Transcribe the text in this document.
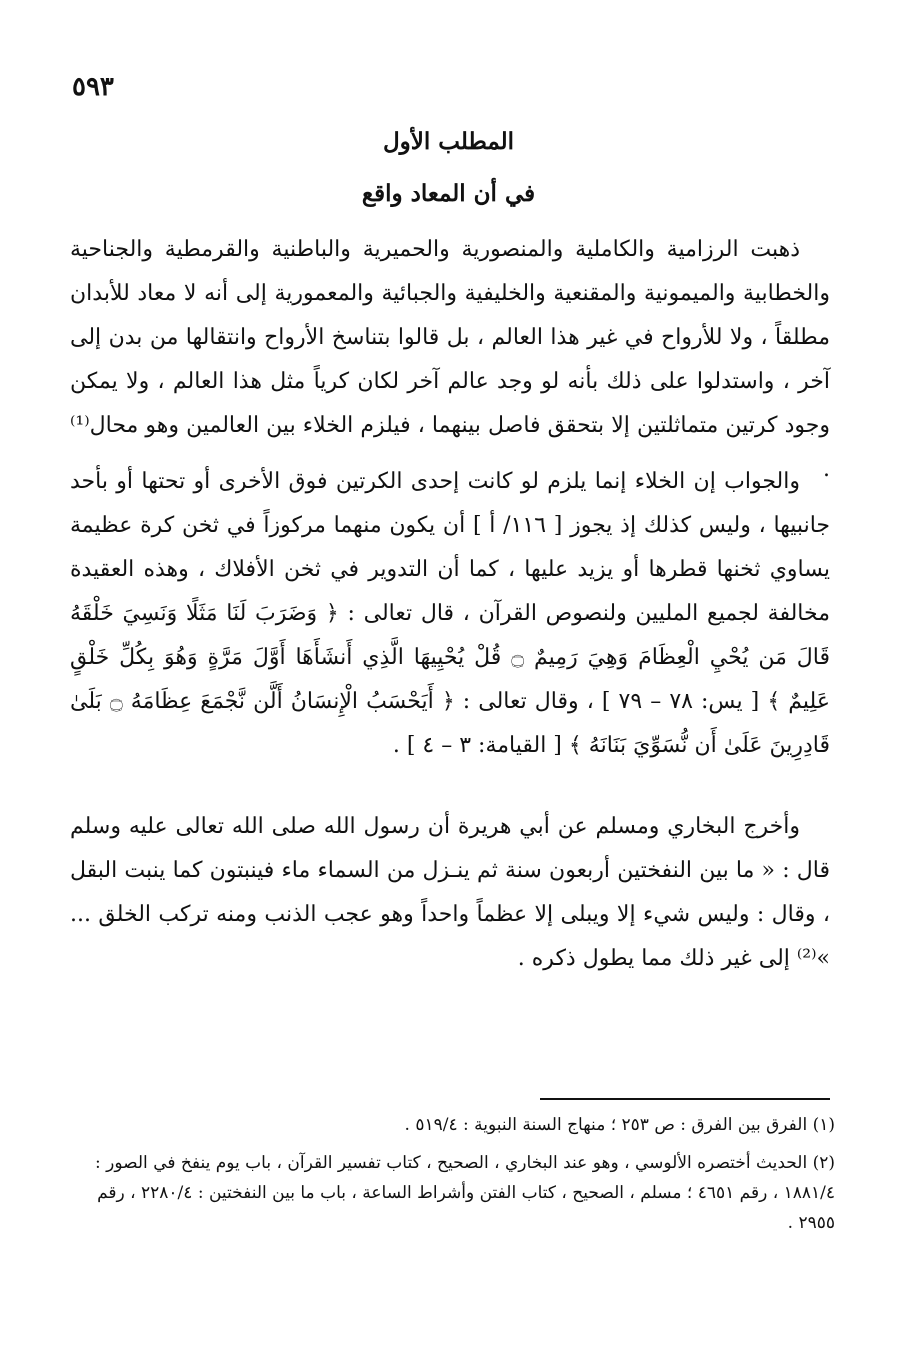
٥٩٣
المطلب الأول
في أن المعاد واقع

ذهبت الرزامية والكاملية والمنصورية والحميرية والباطنية والقرمطية والجناحية والخطابية والميمونية والمقنعية والخليفية والجبائية والمعمورية إلى أنه لا معاد للأبدان مطلقاً ، ولا للأرواح في غير هذا العالم ، بل قالوا بتناسخ الأرواح وانتقالها من بدن إلى آخر ، واستدلوا على ذلك بأنه لو وجد عالم آخر لكان كرياً مثل هذا العالم ، ولا يمكن وجود كرتين متماثلتين إلا بتحقق فاصل بينهما ، فيلزم الخلاء بين العالمين وهو محال⁽¹⁾ .

والجواب إن الخلاء إنما يلزم لو كانت إحدى الكرتين فوق الأخرى أو تحتها أو بأحد جانبيها ، وليس كذلك إذ يجوز [ ١١٦/ أ ] أن يكون منهما مركوزاً في ثخن كرة عظيمة يساوي ثخنها قطرها أو يزيد عليها ، كما أن التدوير في ثخن الأفلاك ، وهذه العقيدة مخالفة لجميع المليين ولنصوص القرآن ، قال تعالى : ﴿ وَضَرَبَ لَنَا مَثَلًا وَنَسِيَ خَلْقَهُ قَالَ مَن يُحْيِ الْعِظَامَ وَهِيَ رَمِيمٌ ۝ قُلْ يُحْيِيهَا الَّذِي أَنشَأَهَا أَوَّلَ مَرَّةٍ وَهُوَ بِكُلِّ خَلْقٍ عَلِيمٌ ﴾ [ يس: ٧٨ – ٧٩ ] ، وقال تعالى : ﴿ أَيَحْسَبُ الْإِنسَانُ أَلَّن نَّجْمَعَ عِظَامَهُ ۝ بَلَىٰ قَادِرِينَ عَلَىٰ أَن نُّسَوِّيَ بَنَانَهُ ﴾ [ القيامة: ٣ – ٤ ] .

وأخرج البخاري ومسلم عن أبي هريرة أن رسول الله صلى الله تعالى عليه وسلم قال : « ما بين النفختين أربعون سنة ثم ينـزل من السماء ماء فينبتون كما ينبت البقل ، وقال : وليس شيء إلا ويبلى إلا عظماً واحداً وهو عجب الذنب ومنه تركب الخلق ... »⁽²⁾ إلى غير ذلك مما يطول ذكره .

(١) الفرق بين الفرق : ص ٢٥٣ ؛ منهاج السنة النبوية : ٥١٩/٤ .

(٢) الحديث أختصره الألوسي ، وهو عند البخاري ، الصحيح ، كتاب تفسير القرآن ، باب يوم ينفخ في الصور : ١٨٨١/٤ ، رقم ٤٦٥١ ؛ مسلم ، الصحيح ، كتاب الفتن وأشراط الساعة ، باب ما بين النفختين : ٢٢٨٠/٤ ، رقم ٢٩٥٥ .
